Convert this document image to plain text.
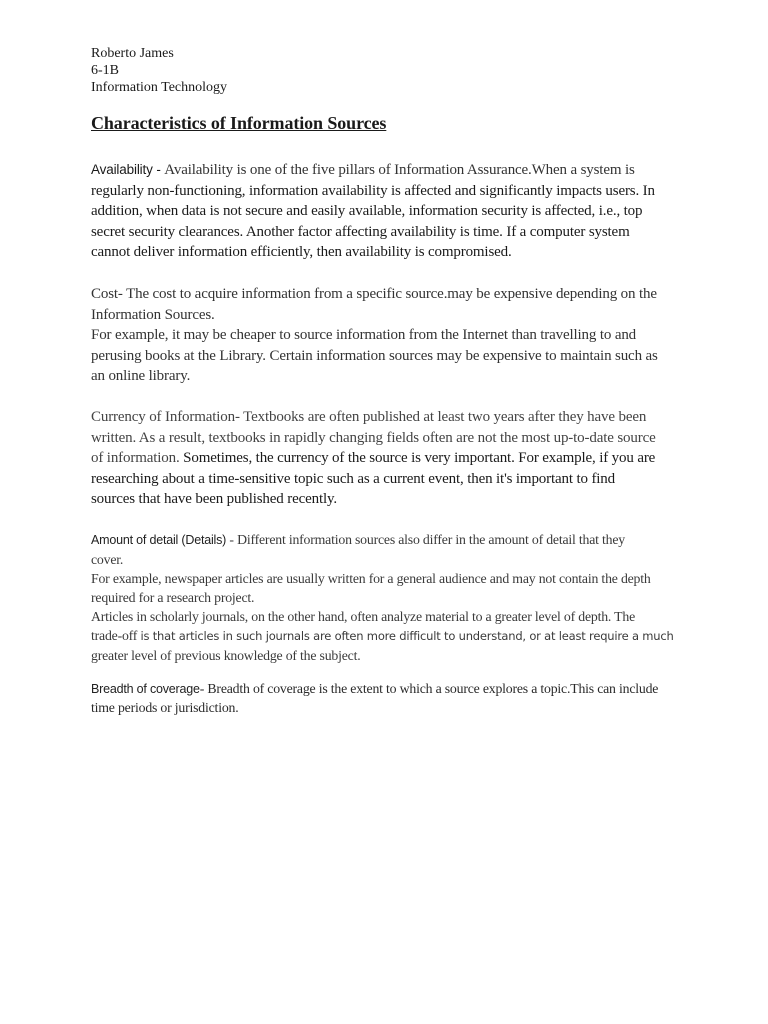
Roberto James
6-1B
Information Technology
Characteristics of Information Sources
Availability - Availability is one of the five pillars of Information Assurance.When a system is
regularly non-functioning, information availability is affected and significantly impacts users. In
addition, when data is not secure and easily available, information security is affected, i.e., top
secret security clearances. Another factor affecting availability is time. If a computer system
cannot deliver information efficiently, then availability is compromised.
Cost- The cost to acquire information from a specific source.may be expensive depending on the
Information Sources.
For example, it may be cheaper to source information from the Internet than travelling to and
perusing books at the Library. Certain information sources may be expensive to maintain such as
an online library.
Currency of Information- Textbooks are often published at least two years after they have been
written. As a result, textbooks in rapidly changing fields often are not the most up-to-date source
of information. Sometimes, the currency of the source is very important. For example, if you are
researching about a time-sensitive topic such as a current event, then it's important to find
sources that have been published recently.
Amount of detail (Details) - Different information sources also differ in the amount of detail that they
cover.
For example, newspaper articles are usually written for a general audience and may not contain the depth
required for a research project.
Articles in scholarly journals, on the other hand, often analyze material to a greater level of depth. The
trade-off is that articles in such journals are often more difficult to understand, or at least require a much
greater level of previous knowledge of the subject.
Breadth of coverage- Breadth of coverage is the extent to which a source explores a topic.This can include
time periods or jurisdiction.
